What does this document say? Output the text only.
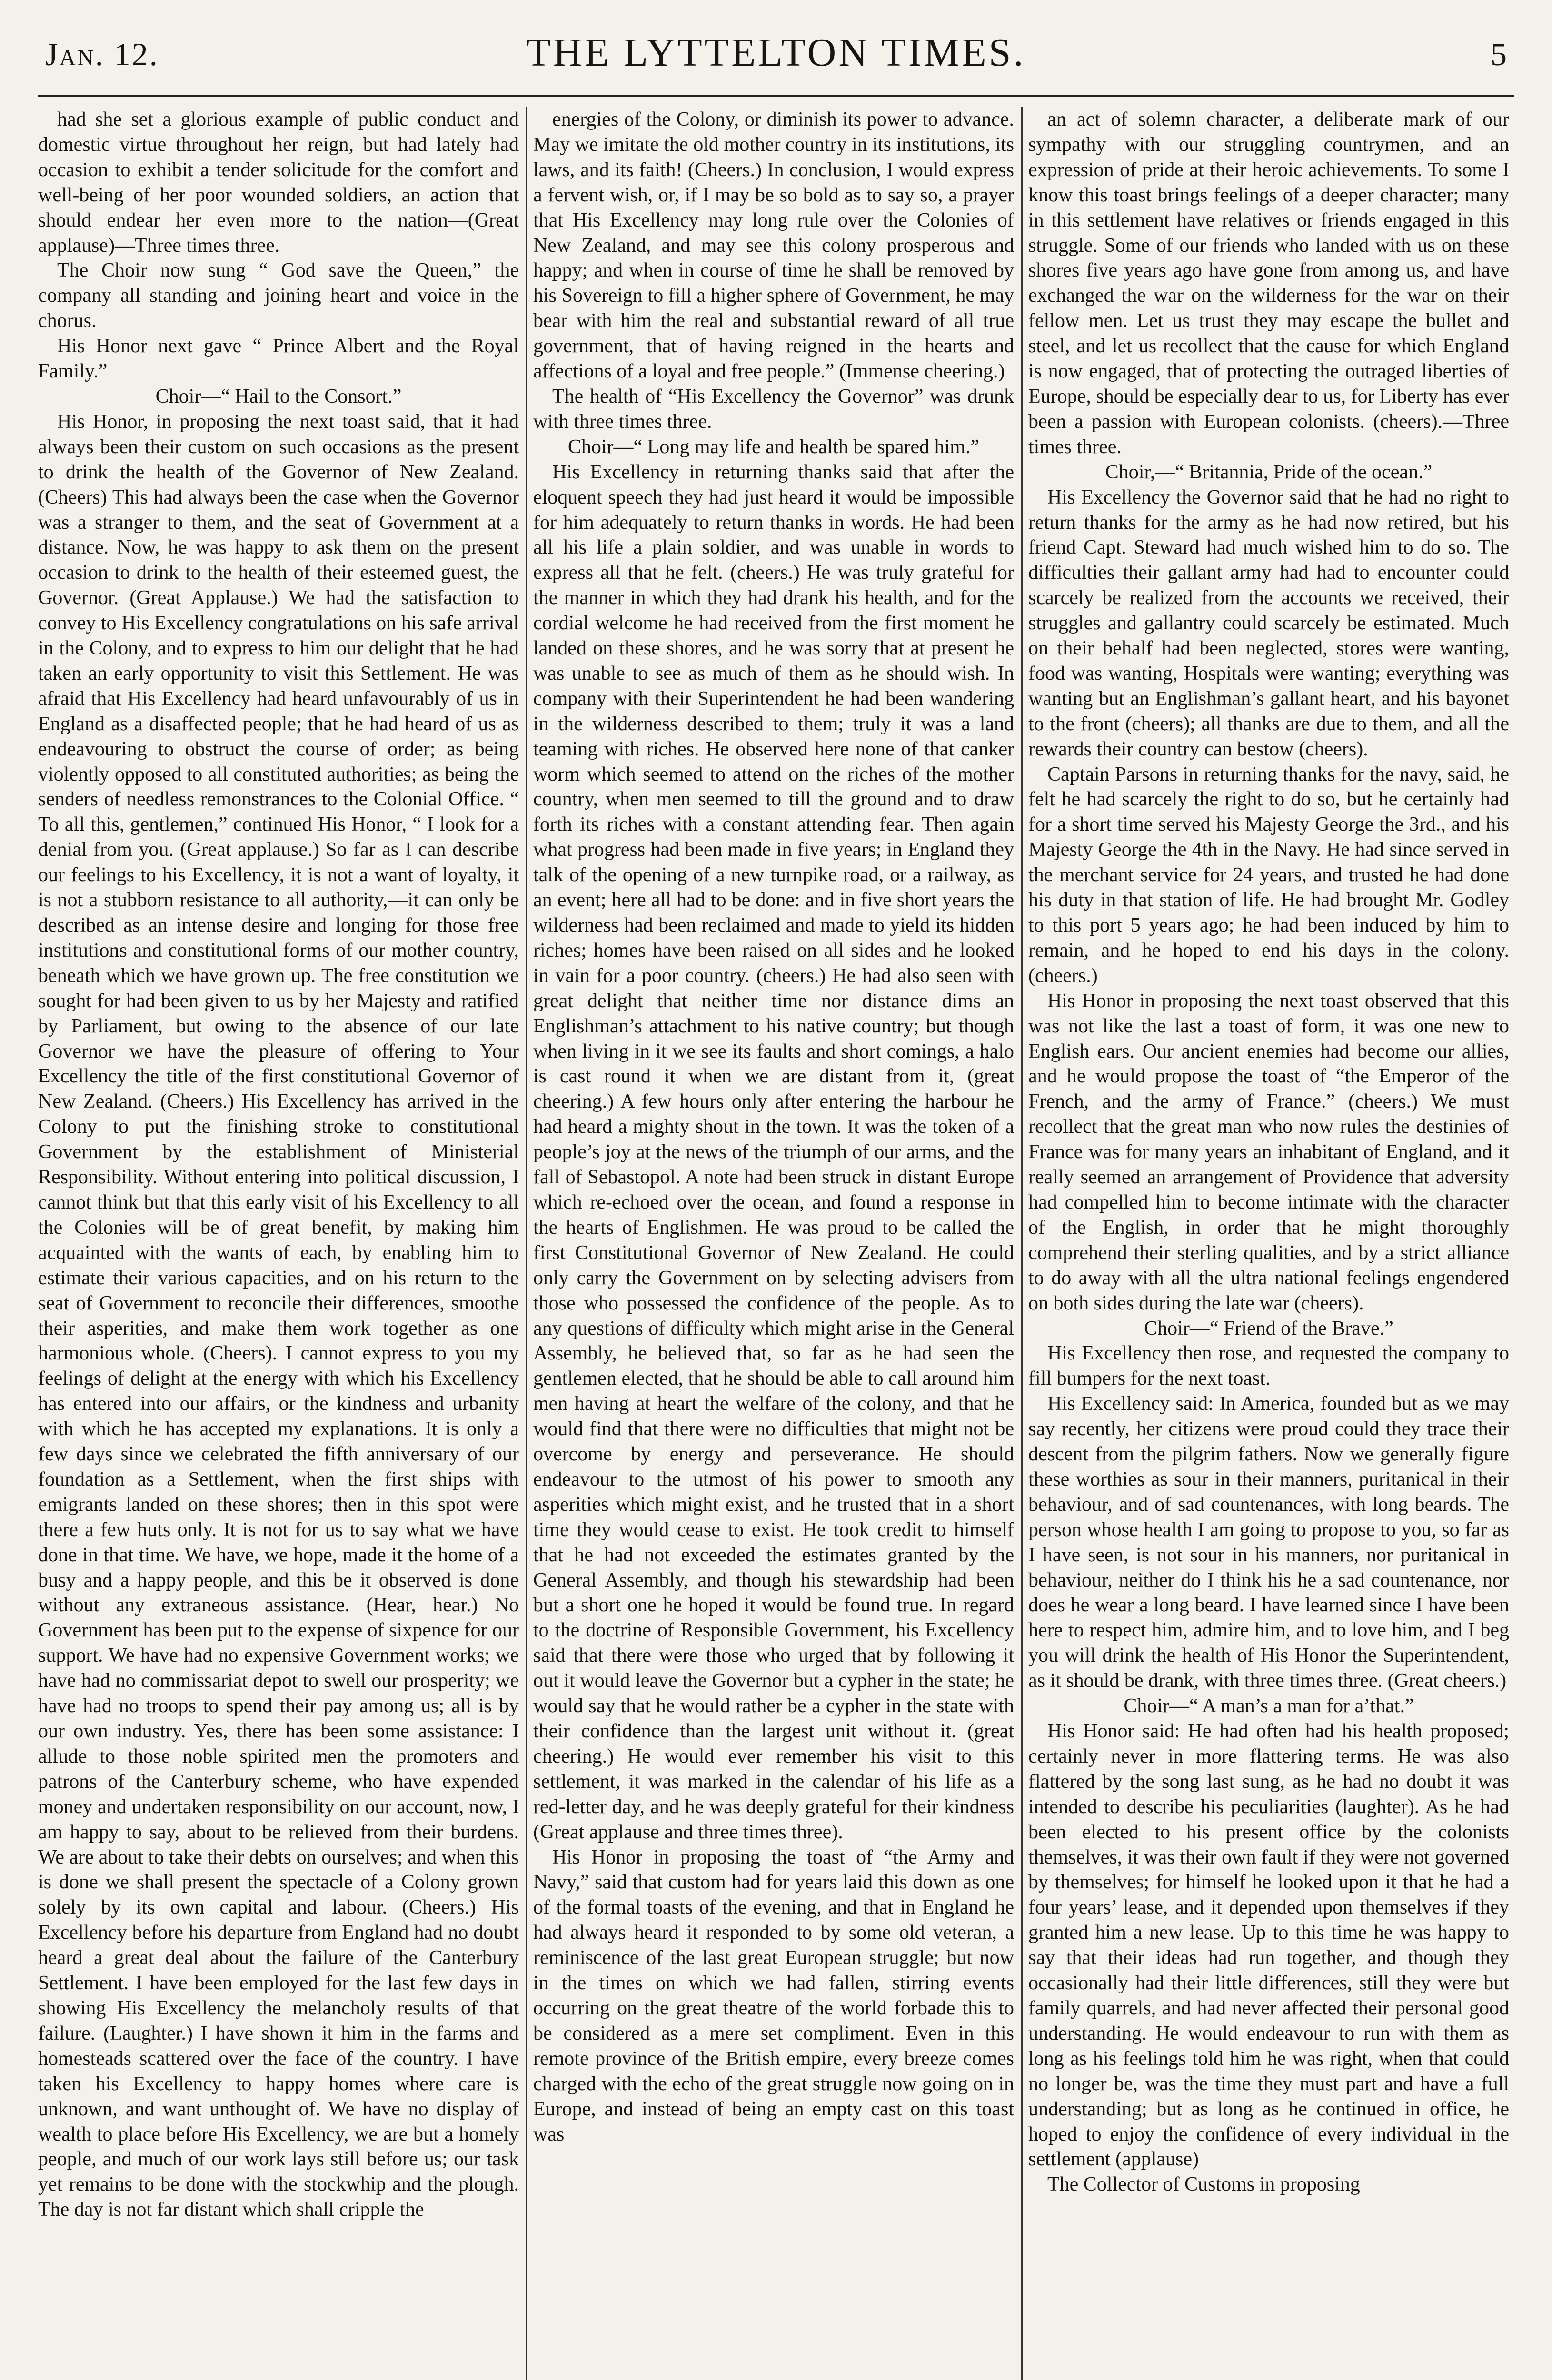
Jan. 12.	THE LYTTELTON TIMES.	5

had she set a glorious example of public conduct and domestic virtue throughout her reign, but had lately had occasion to exhibit a tender solicitude for the comfort and well-being of her poor wounded soldiers, an action that should endear her even more to the nation—(Great applause)—Three times three.

The Choir now sung “ God save the Queen,” the company all standing and joining heart and voice in the chorus.

His Honor next gave “ Prince Albert and the Royal Family.”

Choir—“ Hail to the Consort.”

His Honor, in proposing the next toast said, that it had always been their custom on such occasions as the present to drink the health of the Governor of New Zealand. (Cheers) This had always been the case when the Governor was a stranger to them, and the seat of Government at a distance. Now, he was happy to ask them on the present occasion to drink to the health of their esteemed guest, the Governor. (Great Applause.) We had the satisfaction to convey to His Excellency congratulations on his safe arrival in the Colony, and to express to him our delight that he had taken an early opportunity to visit this Settlement. He was afraid that His Excellency had heard unfavourably of us in England as a disaffected people; that he had heard of us as endeavouring to obstruct the course of order; as being violently opposed to all constituted authorities; as being the senders of needless remonstrances to the Colonial Office. “ To all this, gentlemen,” continued His Honor, “ I look for a denial from you. (Great applause.) So far as I can describe our feelings to his Excellency, it is not a want of loyalty, it is not a stubborn resistance to all authority,—it can only be described as an intense desire and longing for those free institutions and constitutional forms of our mother country, beneath which we have grown up. The free constitution we sought for had been given to us by her Majesty and ratified by Parliament, but owing to the absence of our late Governor we have the pleasure of offering to Your Excellency the title of the first constitutional Governor of New Zealand. (Cheers.) His Excellency has arrived in the Colony to put the finishing stroke to constitutional Government by the establishment of Ministerial Responsibility. Without entering into political discussion, I cannot think but that this early visit of his Excellency to all the Colonies will be of great benefit, by making him acquainted with the wants of each, by enabling him to estimate their various capacities, and on his return to the seat of Government to reconcile their differences, smoothe their asperities, and make them work together as one harmonious whole. (Cheers). I cannot express to you my feelings of delight at the energy with which his Excellency has entered into our affairs, or the kindness and urbanity with which he has accepted my explanations. It is only a few days since we celebrated the fifth anniversary of our foundation as a Settlement, when the first ships with emigrants landed on these shores; then in this spot were there a few huts only. It is not for us to say what we have done in that time. We have, we hope, made it the home of a busy and a happy people, and this be it observed is done without any extraneous assistance. (Hear, hear.) No Government has been put to the expense of sixpence for our support. We have had no expensive Government works; we have had no commissariat depot to swell our prosperity; we have had no troops to spend their pay among us; all is by our own industry. Yes, there has been some assistance: I allude to those noble spirited men the promoters and patrons of the Canterbury scheme, who have expended money and undertaken responsibility on our account, now, I am happy to say, about to be relieved from their burdens. We are about to take their debts on ourselves; and when this is done we shall present the spectacle of a Colony grown solely by its own capital and labour. (Cheers.) His Excellency before his departure from England had no doubt heard a great deal about the failure of the Canterbury Settlement. I have been employed for the last few days in showing His Excellency the melancholy results of that failure. (Laughter.) I have shown it him in the farms and homesteads scattered over the face of the country. I have taken his Excellency to happy homes where care is unknown, and want unthought of. We have no display of wealth to place before His Excellency, we are but a homely people, and much of our work lays still before us; our task yet remains to be done with the stockwhip and the plough. The day is not far distant which shall cripple the

energies of the Colony, or diminish its power to advance. May we imitate the old mother country in its institutions, its laws, and its faith! (Cheers.) In conclusion, I would express a fervent wish, or, if I may be so bold as to say so, a prayer that His Excellency may long rule over the Colonies of New Zealand, and may see this colony prosperous and happy; and when in course of time he shall be removed by his Sovereign to fill a higher sphere of Government, he may bear with him the real and substantial reward of all true government, that of having reigned in the hearts and affections of a loyal and free people.” (Immense cheering.)

The health of “His Excellency the Governor” was drunk with three times three.

Choir—“ Long may life and health be spared him.”

His Excellency in returning thanks said that after the eloquent speech they had just heard it would be impossible for him adequately to return thanks in words. He had been all his life a plain soldier, and was unable in words to express all that he felt. (cheers.) He was truly grateful for the manner in which they had drank his health, and for the cordial welcome he had received from the first moment he landed on these shores, and he was sorry that at present he was unable to see as much of them as he should wish. In company with their Superintendent he had been wandering in the wilderness described to them; truly it was a land teaming with riches. He observed here none of that canker worm which seemed to attend on the riches of the mother country, when men seemed to till the ground and to draw forth its riches with a constant attending fear. Then again what progress had been made in five years; in England they talk of the opening of a new turnpike road, or a railway, as an event; here all had to be done: and in five short years the wilderness had been reclaimed and made to yield its hidden riches; homes have been raised on all sides and he looked in vain for a poor country. (cheers.) He had also seen with great delight that neither time nor distance dims an Englishman’s attachment to his native country; but though when living in it we see its faults and short comings, a halo is cast round it when we are distant from it, (great cheering.) A few hours only after entering the harbour he had heard a mighty shout in the town. It was the token of a people’s joy at the news of the triumph of our arms, and the fall of Sebastopol. A note had been struck in distant Europe which re-echoed over the ocean, and found a response in the hearts of Englishmen. He was proud to be called the first Constitutional Governor of New Zealand. He could only carry the Government on by selecting advisers from those who possessed the confidence of the people. As to any questions of difficulty which might arise in the General Assembly, he believed that, so far as he had seen the gentlemen elected, that he should be able to call around him men having at heart the welfare of the colony, and that he would find that there were no difficulties that might not be overcome by energy and perseverance. He should endeavour to the utmost of his power to smooth any asperities which might exist, and he trusted that in a short time they would cease to exist. He took credit to himself that he had not exceeded the estimates granted by the General Assembly, and though his stewardship had been but a short one he hoped it would be found true. In regard to the doctrine of Responsible Government, his Excellency said that there were those who urged that by following it out it would leave the Governor but a cypher in the state; he would say that he would rather be a cypher in the state with their confidence than the largest unit without it. (great cheering.) He would ever remember his visit to this settlement, it was marked in the calendar of his life as a red-letter day, and he was deeply grateful for their kindness (Great applause and three times three).

His Honor in proposing the toast of “the Army and Navy,” said that custom had for years laid this down as one of the formal toasts of the evening, and that in England he had always heard it responded to by some old veteran, a reminiscence of the last great European struggle; but now in the times on which we had fallen, stirring events occurring on the great theatre of the world forbade this to be considered as a mere set compliment. Even in this remote province of the British empire, every breeze comes charged with the echo of the great struggle now going on in Europe, and instead of being an empty cast on this toast was

an act of solemn character, a deliberate mark of our sympathy with our struggling countrymen, and an expression of pride at their heroic achievements. To some I know this toast brings feelings of a deeper character; many in this settlement have relatives or friends engaged in this struggle. Some of our friends who landed with us on these shores five years ago have gone from among us, and have exchanged the war on the wilderness for the war on their fellow men. Let us trust they may escape the bullet and steel, and let us recollect that the cause for which England is now engaged, that of protecting the outraged liberties of Europe, should be especially dear to us, for Liberty has ever been a passion with European colonists. (cheers).—Three times three.

Choir,—“ Britannia, Pride of the ocean.”

His Excellency the Governor said that he had no right to return thanks for the army as he had now retired, but his friend Capt. Steward had much wished him to do so. The difficulties their gallant army had had to encounter could scarcely be realized from the accounts we received, their struggles and gallantry could scarcely be estimated. Much on their behalf had been neglected, stores were wanting, food was wanting, Hospitals were wanting; everything was wanting but an Englishman’s gallant heart, and his bayonet to the front (cheers); all thanks are due to them, and all the rewards their country can bestow (cheers).

Captain Parsons in returning thanks for the navy, said, he felt he had scarcely the right to do so, but he certainly had for a short time served his Majesty George the 3rd., and his Majesty George the 4th in the Navy. He had since served in the merchant service for 24 years, and trusted he had done his duty in that station of life. He had brought Mr. Godley to this port 5 years ago; he had been induced by him to remain, and he hoped to end his days in the colony. (cheers.)

His Honor in proposing the next toast observed that this was not like the last a toast of form, it was one new to English ears. Our ancient enemies had become our allies, and he would propose the toast of “the Emperor of the French, and the army of France.” (cheers.) We must recollect that the great man who now rules the destinies of France was for many years an inhabitant of England, and it really seemed an arrangement of Providence that adversity had compelled him to become intimate with the character of the English, in order that he might thoroughly comprehend their sterling qualities, and by a strict alliance to do away with all the ultra national feelings engendered on both sides during the late war (cheers).

Choir—“ Friend of the Brave.”

His Excellency then rose, and requested the company to fill bumpers for the next toast.

His Excellency said: In America, founded but as we may say recently, her citizens were proud could they trace their descent from the pilgrim fathers. Now we generally figure these worthies as sour in their manners, puritanical in their behaviour, and of sad countenances, with long beards. The person whose health I am going to propose to you, so far as I have seen, is not sour in his manners, nor puritanical in behaviour, neither do I think his he a sad countenance, nor does he wear a long beard. I have learned since I have been here to respect him, admire him, and to love him, and I beg you will drink the health of His Honor the Superintendent, as it should be drank, with three times three. (Great cheers.)

Choir—“ A man’s a man for a’that.”

His Honor said: He had often had his health proposed; certainly never in more flattering terms. He was also flattered by the song last sung, as he had no doubt it was intended to describe his peculiarities (laughter). As he had been elected to his present office by the colonists themselves, it was their own fault if they were not governed by themselves; for himself he looked upon it that he had a four years’ lease, and it depended upon themselves if they granted him a new lease. Up to this time he was happy to say that their ideas had run together, and though they occasionally had their little differences, still they were but family quarrels, and had never affected their personal good understanding. He would endeavour to run with them as long as his feelings told him he was right, when that could no longer be, was the time they must part and have a full understanding; but as long as he continued in office, he hoped to enjoy the confidence of every individual in the settlement (applause)

The Collector of Customs in proposing
